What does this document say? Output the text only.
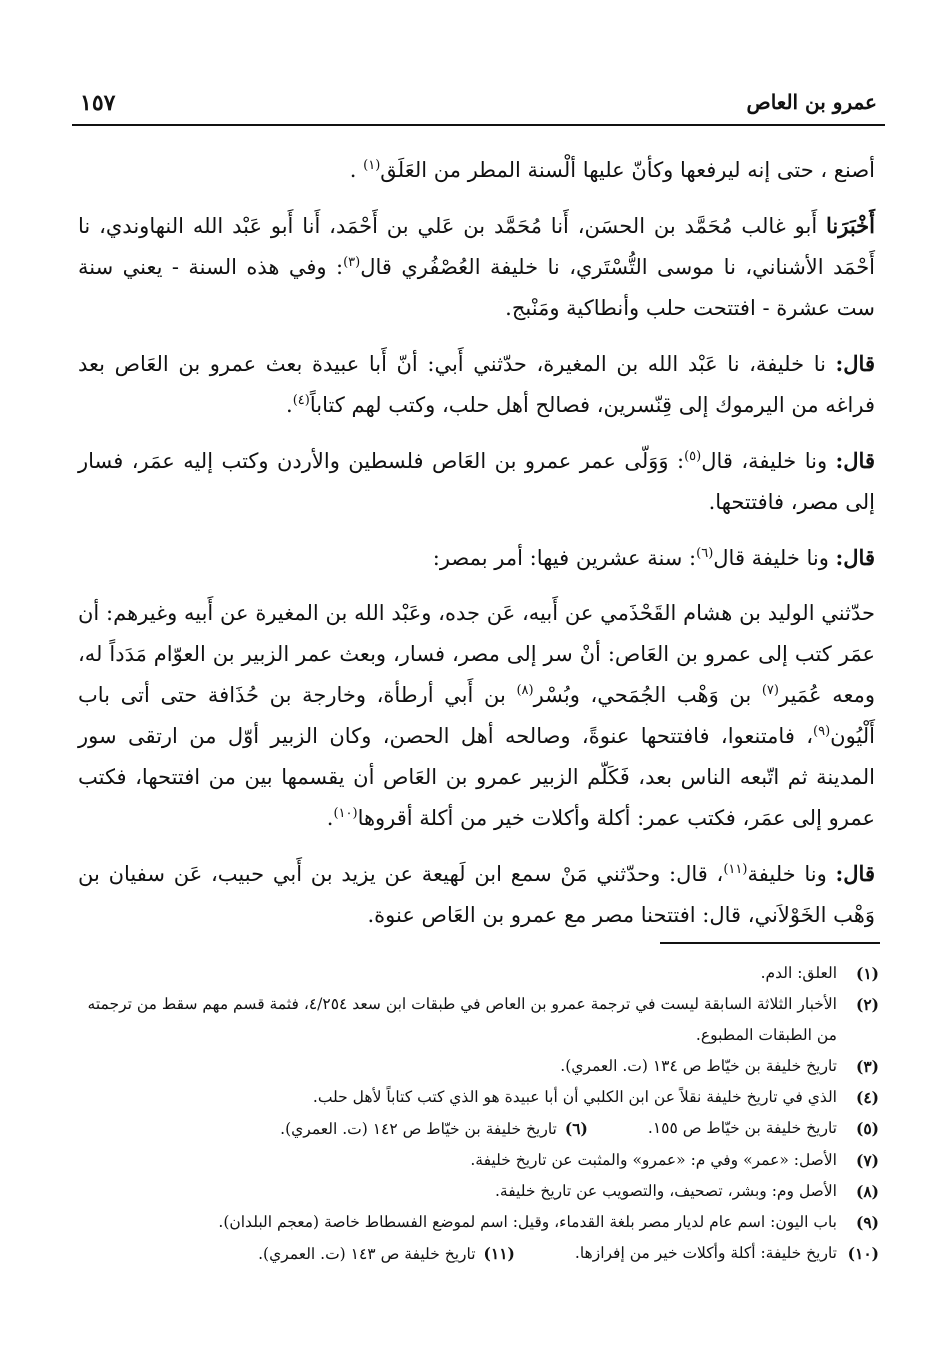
عمرو بن العاص
١٥٧

أصنع ، حتى إنه ليرفعها وكأنّ عليها ألْسنة المطر من العَلَق$^{(١)}$ .

أَخْبَرَنا أَبو غالب مُحَمَّد بن الحسَن، أَنا مُحَمَّد بن عَلي بن أَحْمَد، أَنا أَبو عَبْد الله النهاوندي، نا أَحْمَد الأشناني، نا موسى التُّسْتَري، نا خليفة العُصْفُري قال$^{(٣)}$: وفي هذه السنة - يعني سنة ست عشرة - افتتحت حلب وأنطاكية ومَنْبج.

قال: نا خليفة، نا عَبْد الله بن المغيرة، حدّثني أَبي: أنّ أَبا عبيدة بعث عمرو بن العَاص بعد فراغه من اليرموك إلى قِنّسرين، فصالح أهل حلب، وكتب لهم كتاباً$^{(٤)}$.

قال: ونا خليفة، قال$^{(٥)}$: وَوَلّى عمر عمرو بن العَاص فلسطين والأردن وكتب إليه عمَر، فسار إلى مصر، فافتتحها.

قال: ونا خليفة قال$^{(٦)}$: سنة عشرين فيها: أمر بمصر:

حدّثني الوليد بن هشام القَحْذَمي عن أَبيه، عَن جده، وعَبْد الله بن المغيرة عن أَبيه وغيرهم: أن عمَر كتب إلى عمرو بن العَاص: أنْ سر إلى مصر، فسار، وبعث عمر الزبير بن العوّام مَدَداً له، ومعه عُمَير$^{(٧)}$ بن وَهْب الجُمَحي، وبُسْر$^{(٨)}$ بن أَبي أرطأة، وخارجة بن حُذَافة حتى أتى باب أَلْيُون$^{(٩)}$، فامتنعوا، فافتتحها عنوةً، وصالحه أهل الحصن، وكان الزبير أوّل من ارتقى سور المدينة ثم اتّبعه الناس بعد، فَكَلّم الزبير عمرو بن العَاص أن يقسمها بين من افتتحها، فكتب عمرو إلى عمَر، فكتب عمر: أكلة وأكلات خير من أكلة أقروها$^{(١٠)}$.

قال: ونا خليفة$^{(١١)}$، قال: وحدّثني مَنْ سمع ابن لَهيعة عن يزيد بن أَبي حبيب، عَن سفيان بن وَهْب الخَوْلاَني، قال: افتتحنا مصر مع عمرو بن العَاص عنوة.

(١)
العلق: الدم.
(٢)
الأخبار الثلاثة السابقة ليست في ترجمة عمرو بن العاص في طبقات ابن سعد ٤/٢٥٤، فثمة قسم مهم سقط من ترجمته من الطبقات المطبوع.
(٣)
تاريخ خليفة بن خيّاط ص ١٣٤ (ت. العمري).
(٤)
الذي في تاريخ خليفة نقلاً عن ابن الكلبي أن أبا عبيدة هو الذي كتب كتاباً لأهل حلب.
(٥)
تاريخ خليفة بن خيّاط ص ١٥٥.
(٦)تاريخ خليفة بن خيّاط ص ١٤٢ (ت. العمري).
(٧)
الأصل: «عمر» وفي م: «عمرو» والمثبت عن تاريخ خليفة.
(٨)
الأصل وم: وبشر، تصحيف، والتصويب عن تاريخ خليفة.
(٩)
باب اليون: اسم عام لديار مصر بلغة القدماء، وقيل: اسم لموضع الفسطاط خاصة (معجم البلدان).
(١٠)
تاريخ خليفة: أكلة وأكلات خير من إفرازها.
(١١)تاريخ خليفة ص ١٤٣ (ت. العمري).
